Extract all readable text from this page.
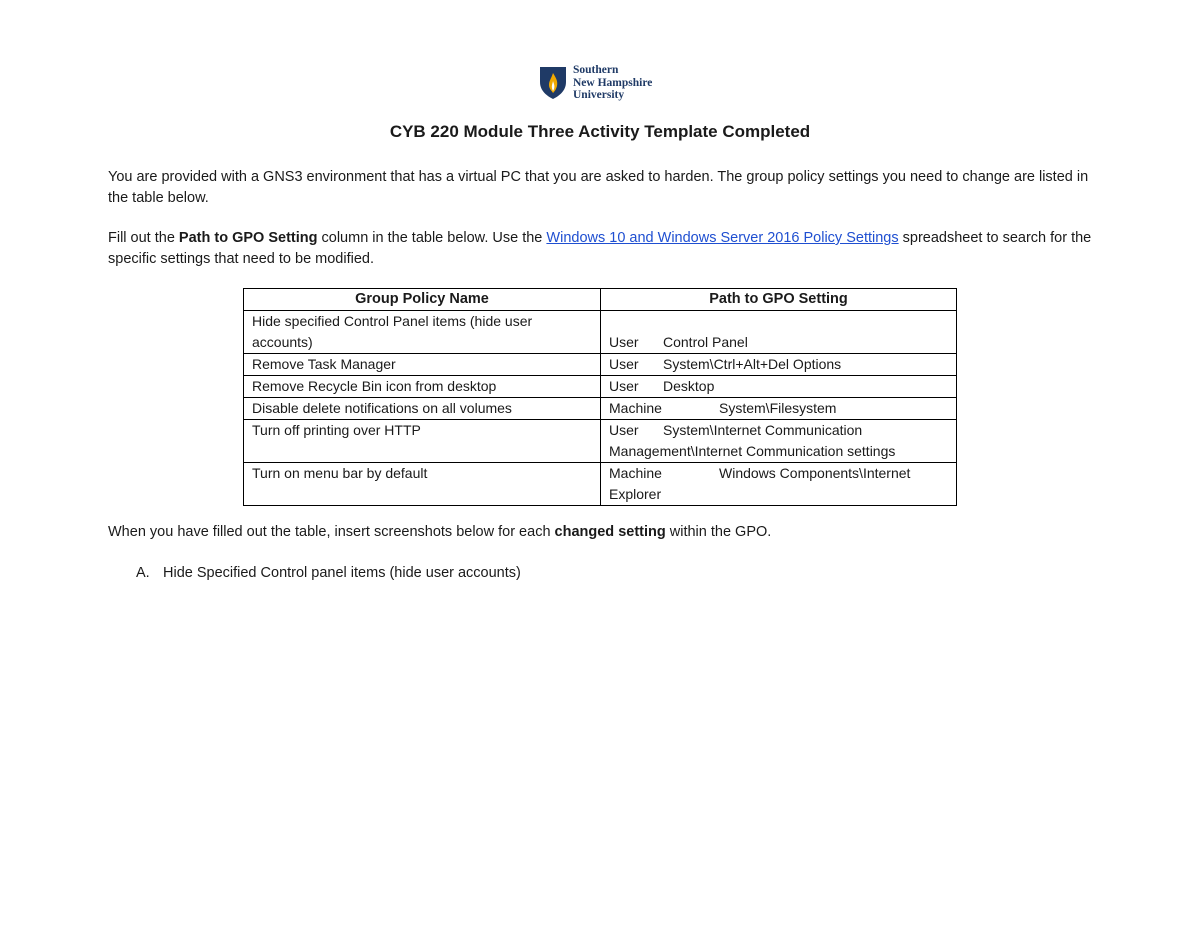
Southern
New Hampshire
University
CYB 220 Module Three Activity Template Completed
You are provided with a GNS3 environment that has a virtual PC that you are asked to harden. The group policy settings you need to change are listed in the table below.
Fill out the Path to GPO Setting column in the table below. Use the Windows 10 and Windows Server 2016 Policy Settings spreadsheet to search for the specific settings that need to be modified.
Group Policy Name	Path to GPO Setting
Hide specified Control Panel items (hide user accounts)	User Control Panel
Remove Task Manager	User System\Ctrl+Alt+Del Options
Remove Recycle Bin icon from desktop	User Desktop
Disable delete notifications on all volumes	Machine System\Filesystem
Turn off printing over HTTP	User System\Internet Communication Management\Internet Communication settings
Turn on menu bar by default	Machine Windows Components\Internet Explorer
When you have filled out the table, insert screenshots below for each changed setting within the GPO.
A. Hide Specified Control panel items (hide user accounts)
